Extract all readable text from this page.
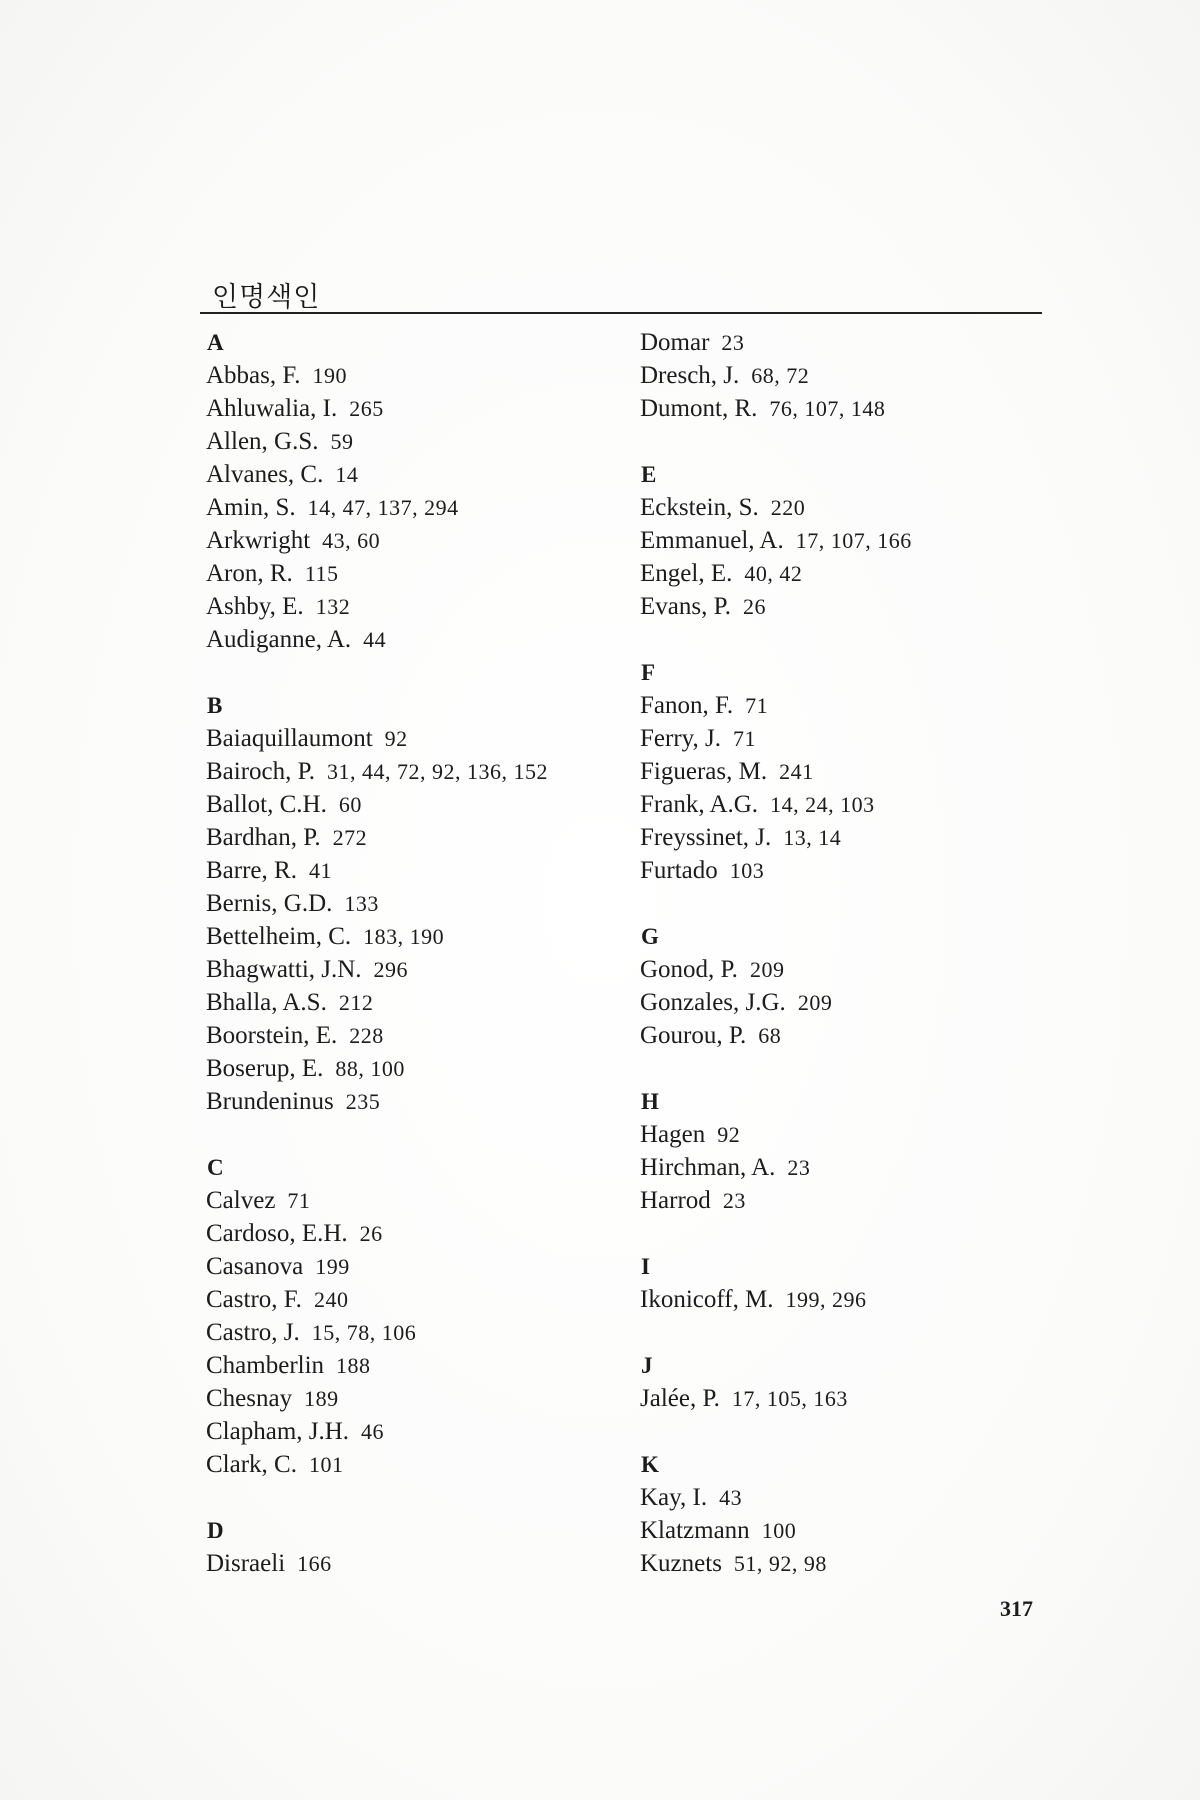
인명색인
A
Abbas, F. 190
Ahluwalia, I. 265
Allen, G.S. 59
Alvanes, C. 14
Amin, S. 14, 47, 137, 294
Arkwright 43, 60
Aron, R. 115
Ashby, E. 132
Audiganne, A. 44
B
Baiaquillaumont 92
Bairoch, P. 31, 44, 72, 92, 136, 152
Ballot, C.H. 60
Bardhan, P. 272
Barre, R. 41
Bernis, G.D. 133
Bettelheim, C. 183, 190
Bhagwatti, J.N. 296
Bhalla, A.S. 212
Boorstein, E. 228
Boserup, E. 88, 100
Brundeninus 235
C
Calvez 71
Cardoso, E.H. 26
Casanova 199
Castro, F. 240
Castro, J. 15, 78, 106
Chamberlin 188
Chesnay 189
Clapham, J.H. 46
Clark, C. 101
D
Disraeli 166
Domar 23
Dresch, J. 68, 72
Dumont, R. 76, 107, 148
E
Eckstein, S. 220
Emmanuel, A. 17, 107, 166
Engel, E. 40, 42
Evans, P. 26
F
Fanon, F. 71
Ferry, J. 71
Figueras, M. 241
Frank, A.G. 14, 24, 103
Freyssinet, J. 13, 14
Furtado 103
G
Gonod, P. 209
Gonzales, J.G. 209
Gourou, P. 68
H
Hagen 92
Hirchman, A. 23
Harrod 23
I
Ikonicoff, M. 199, 296
J
Jalée, P. 17, 105, 163
K
Kay, I. 43
Klatzmann 100
Kuznets 51, 92, 98
317
